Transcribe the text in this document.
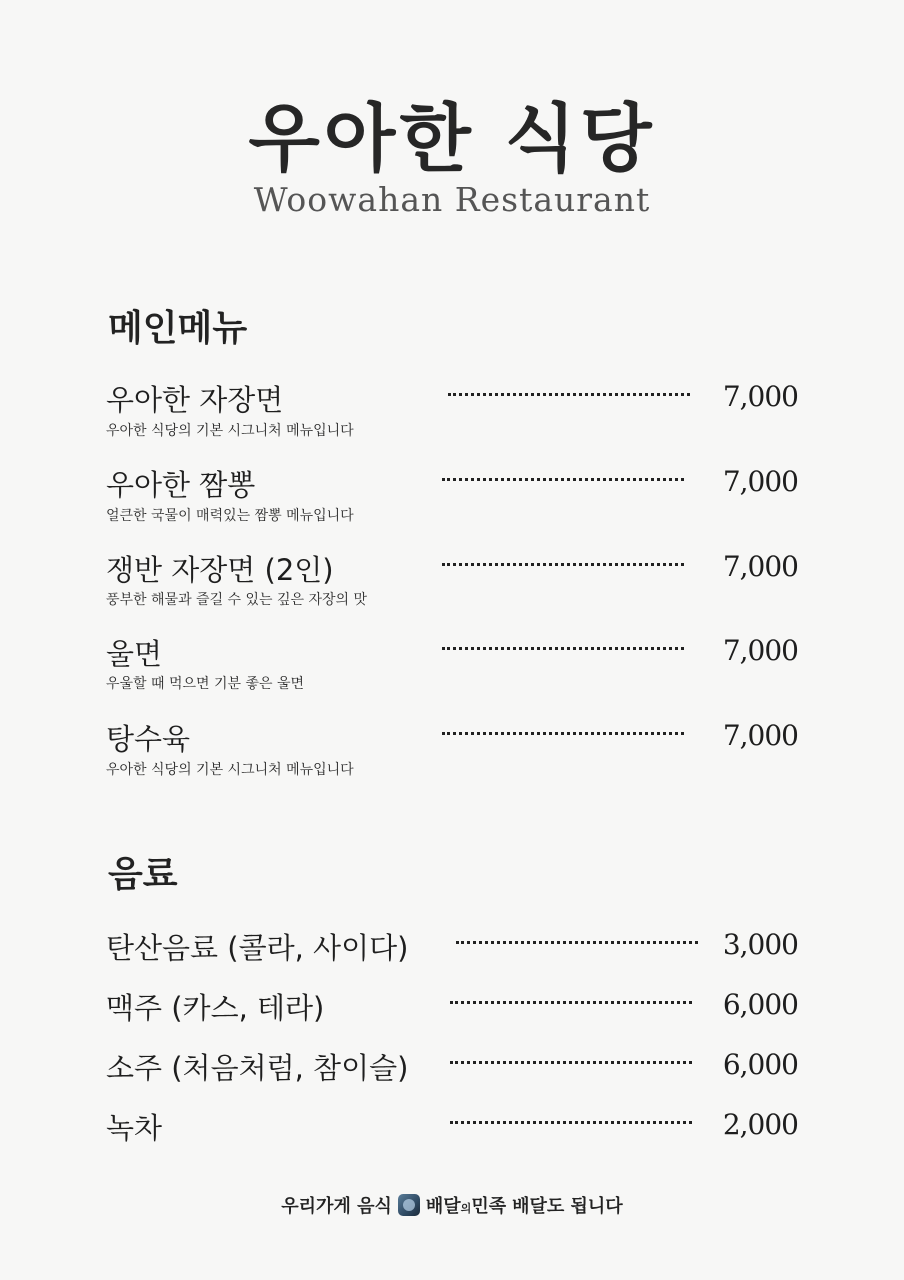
우아한 식당
Woowahan Restaurant
메인메뉴
우아한 자장면	7,000
우아한 식당의 기본 시그니처 메뉴입니다
우아한 짬뽕	7,000
얼큰한 국물이 매력있는 짬뽕 메뉴입니다
쟁반 자장면 (2인)	7,000
풍부한 해물과 즐길 수 있는 깊은 자장의 맛
울면	7,000
우울할 때 먹으면 기분 좋은 울면
탕수육	7,000
우아한 식당의 기본 시그니처 메뉴입니다
음료
탄산음료 (콜라, 사이다)	3,000
맥주 (카스, 테라)	6,000
소주 (처음처럼, 참이슬)	6,000
녹차	2,000
우리가게 음식 배달의민족 배달도 됩니다
